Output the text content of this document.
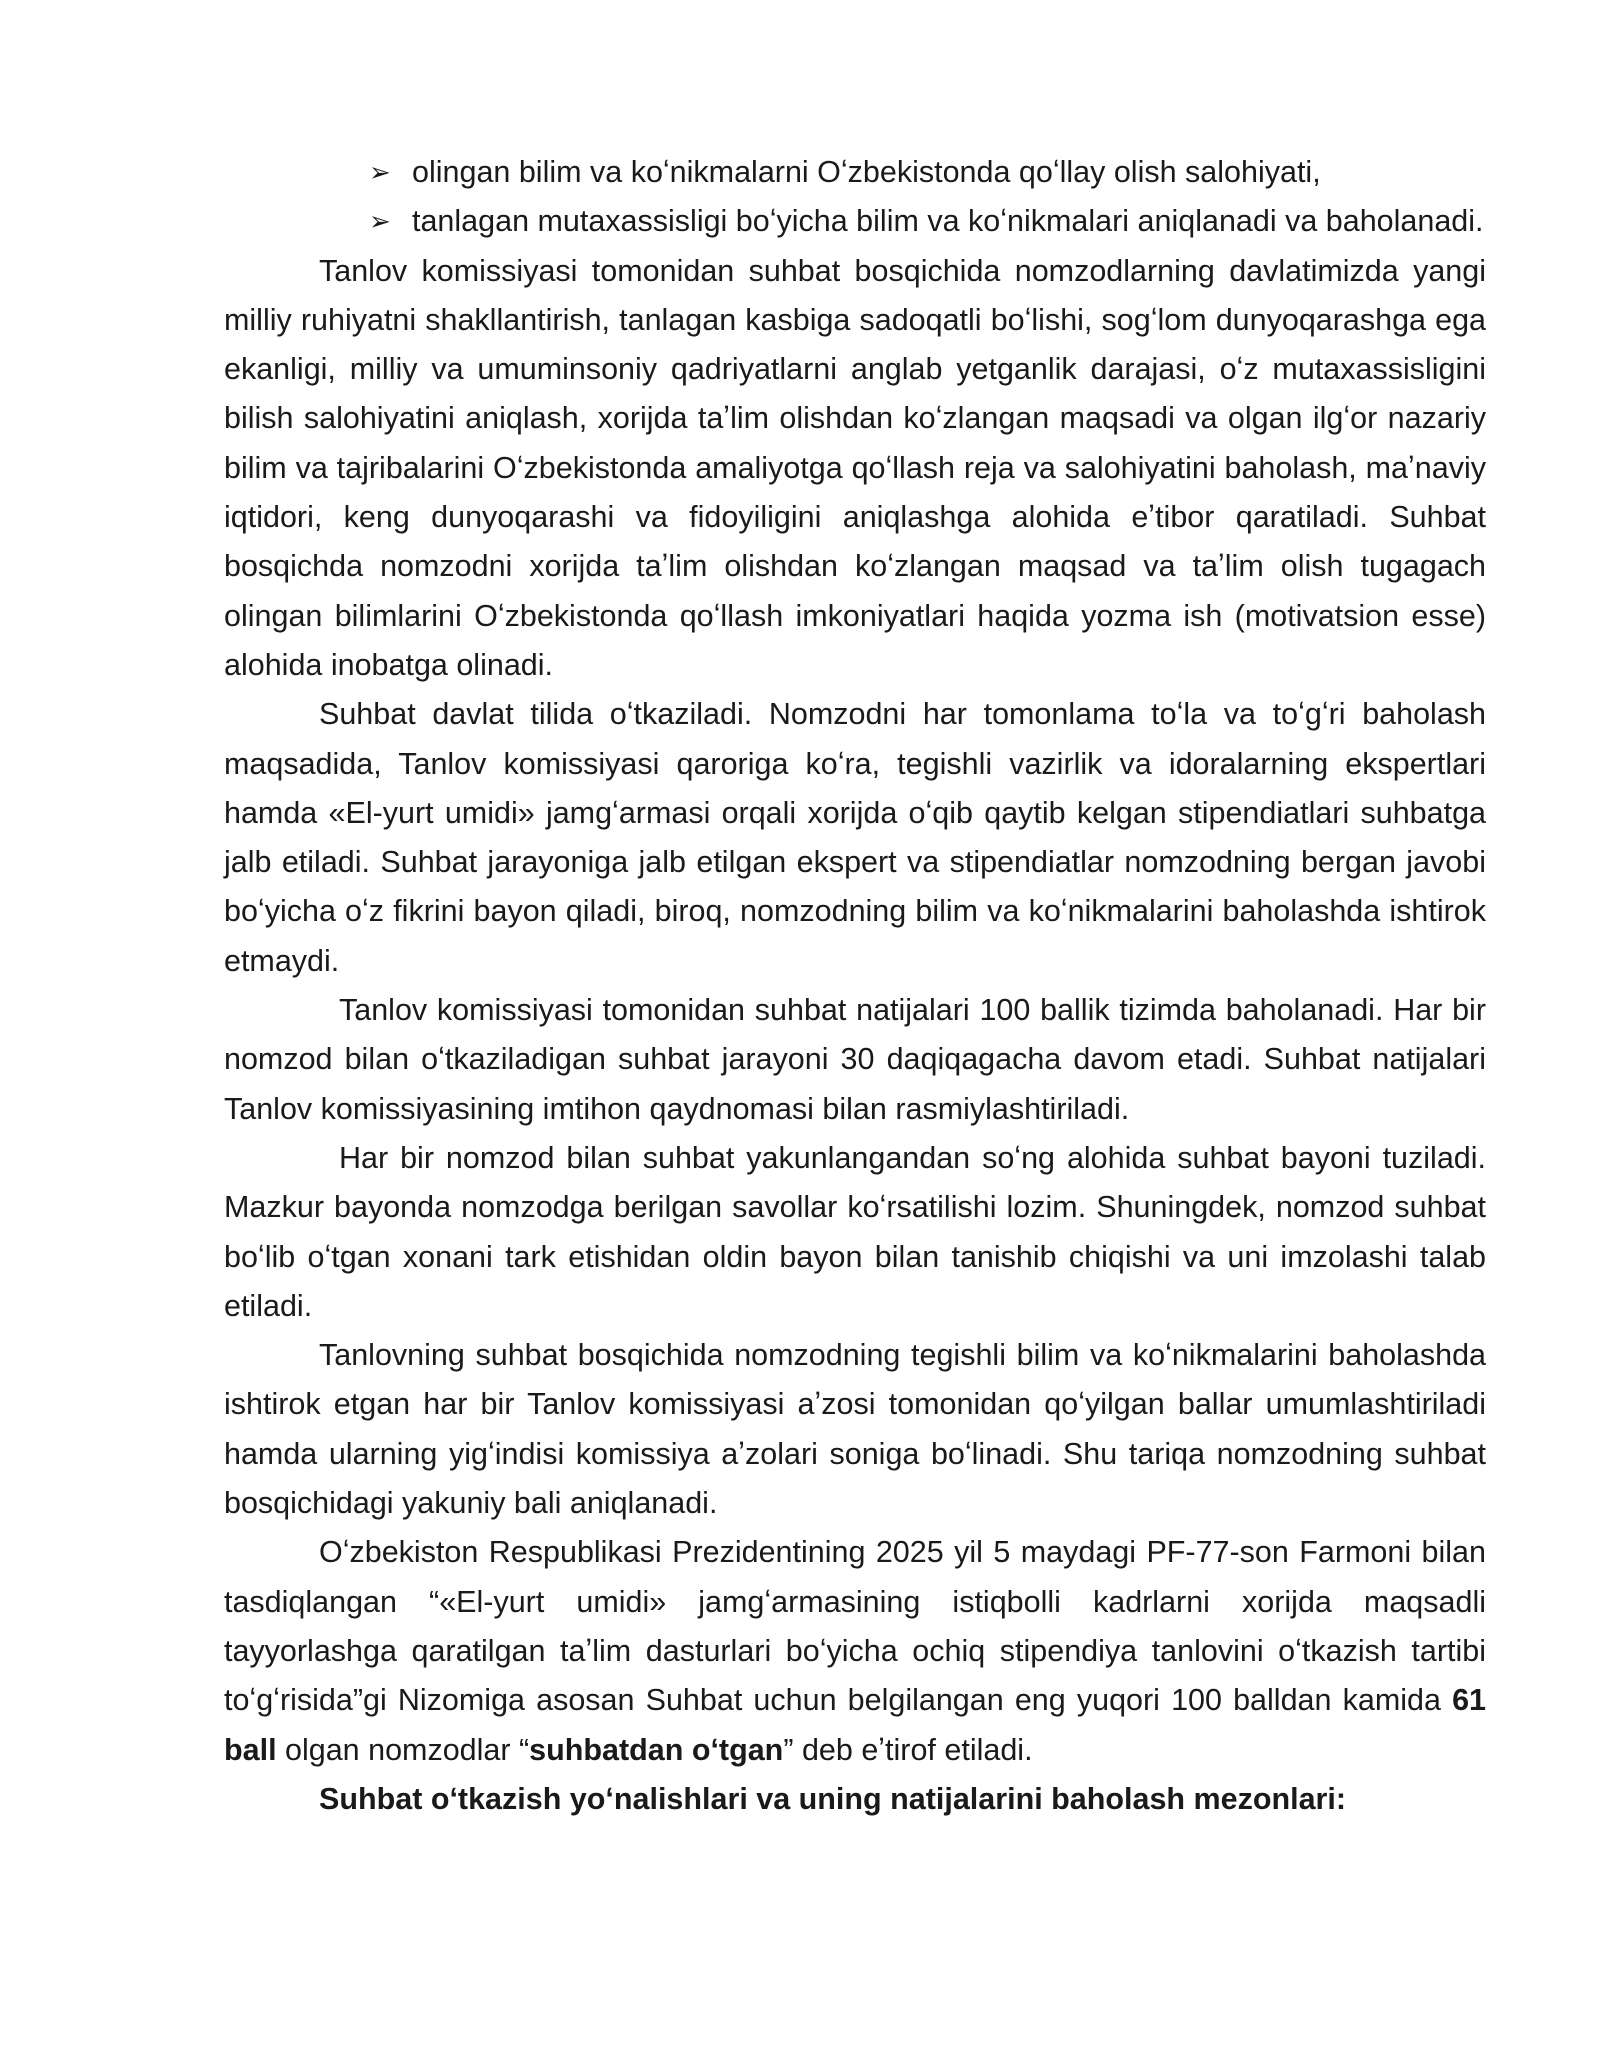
➢ olingan bilim va koʻnikmalarni Oʻzbekistonda qoʻllay olish salohiyati,
➢ tanlagan mutaxassisligi boʻyicha bilim va koʻnikmalari aniqlanadi va baholanadi.

Tanlov komissiyasi tomonidan suhbat bosqichida nomzodlarning davlatimizda yangi milliy ruhiyatni shakllantirish, tanlagan kasbiga sadoqatli boʻlishi, sogʻlom dunyoqarashga ega ekanligi, milliy va umuminsoniy qadriyatlarni anglab yetganlik darajasi, oʻz mutaxassisligini bilish salohiyatini aniqlash, xorijda taʼlim olishdan koʻzlangan maqsadi va olgan ilgʻor nazariy bilim va tajribalarini Oʻzbekistonda amaliyotga qoʻllash reja va salohiyatini baholash, maʼnaviy iqtidori, keng dunyoqarashi va fidoyiligini aniqlashga alohida eʼtibor qaratiladi. Suhbat bosqichda nomzodni xorijda taʼlim olishdan koʻzlangan maqsad va taʼlim olish tugagach olingan bilimlarini Oʻzbekistonda qoʻllash imkoniyatlari haqida yozma ish (motivatsion esse) alohida inobatga olinadi.

Suhbat davlat tilida oʻtkaziladi. Nomzodni har tomonlama toʻla va toʻgʻri baholash maqsadida, Tanlov komissiyasi qaroriga koʻra, tegishli vazirlik va idoralarning ekspertlari hamda «El-yurt umidi» jamgʻarmasi orqali xorijda oʻqib qaytib kelgan stipendiatlari suhbatga jalb etiladi. Suhbat jarayoniga jalb etilgan ekspert va stipendiatlar nomzodning bergan javobi boʻyicha oʻz fikrini bayon qiladi, biroq, nomzodning bilim va koʻnikmalarini baholashda ishtirok etmaydi.

Tanlov komissiyasi tomonidan suhbat natijalari 100 ballik tizimda baholanadi. Har bir nomzod bilan oʻtkaziladigan suhbat jarayoni 30 daqiqagacha davom etadi. Suhbat natijalari Tanlov komissiyasining imtihon qaydnomasi bilan rasmiylashtiriladi.

Har bir nomzod bilan suhbat yakunlangandan soʻng alohida suhbat bayoni tuziladi. Mazkur bayonda nomzodga berilgan savollar koʻrsatilishi lozim. Shuningdek, nomzod suhbat boʻlib oʻtgan xonani tark etishidan oldin bayon bilan tanishib chiqishi va uni imzolashi talab etiladi.

Tanlovning suhbat bosqichida nomzodning tegishli bilim va koʻnikmalarini baholashda ishtirok etgan har bir Tanlov komissiyasi aʼzosi tomonidan qoʻyilgan ballar umumlashtiriladi hamda ularning yigʻindisi komissiya aʼzolari soniga boʻlinadi. Shu tariqa nomzodning suhbat bosqichidagi yakuniy bali aniqlanadi.

Oʻzbekiston Respublikasi Prezidentining 2025 yil 5 maydagi PF-77-son Farmoni bilan tasdiqlangan “«El-yurt umidi» jamgʻarmasining istiqbolli kadrlarni xorijda maqsadli tayyorlashga qaratilgan taʼlim dasturlari boʻyicha ochiq stipendiya tanlovini oʻtkazish tartibi toʻgʻrisida”gi Nizomiga asosan Suhbat uchun belgilangan eng yuqori 100 balldan kamida 61 ball olgan nomzodlar “suhbatdan oʻtgan” deb eʼtirof etiladi.

Suhbat oʻtkazish yoʻnalishlari va uning natijalarini baholash mezonlari:
